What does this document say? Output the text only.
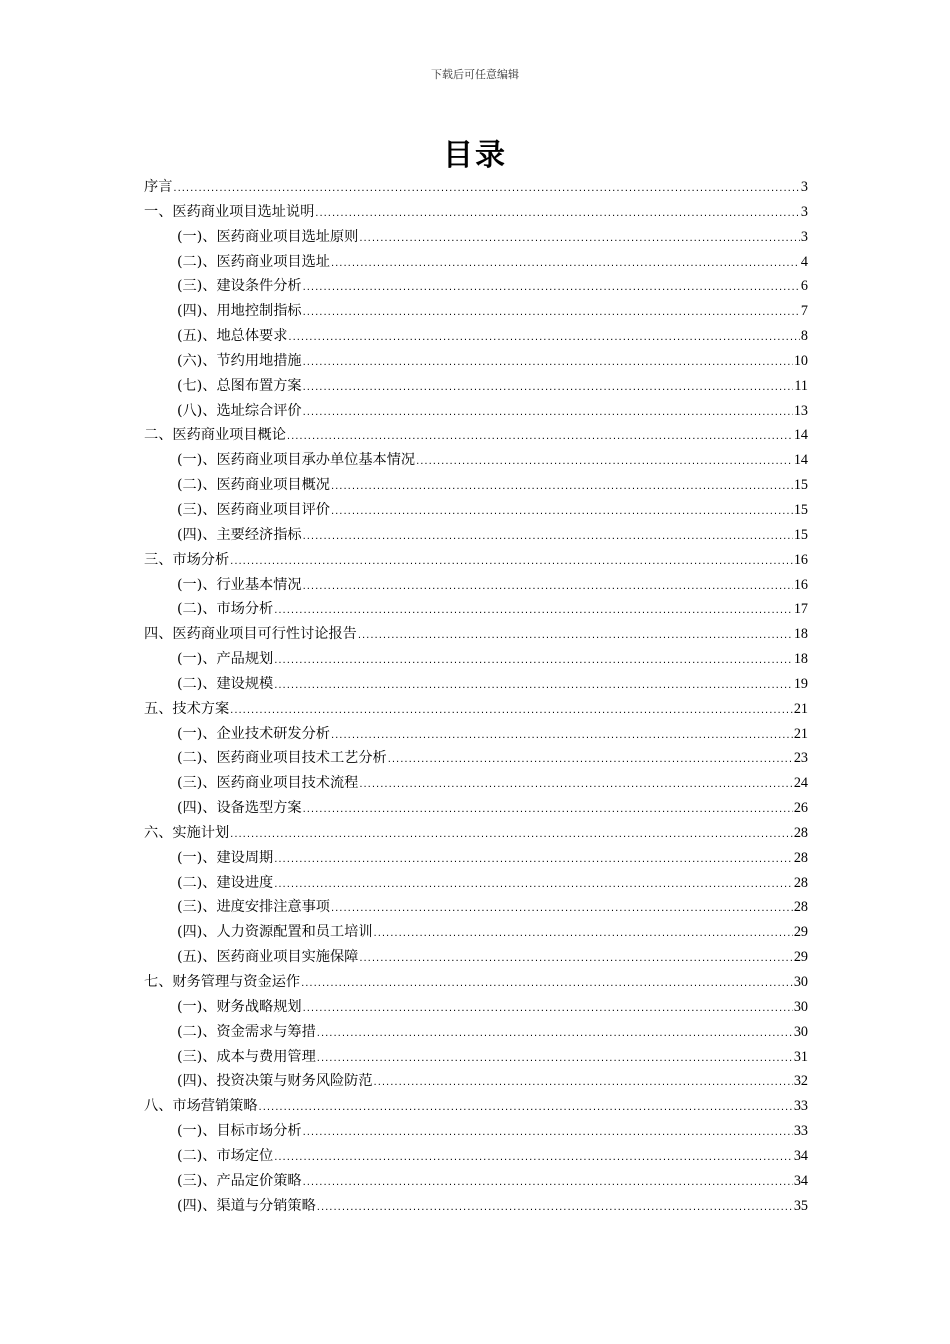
下载后可任意编辑
目录
序言 .....	3
一、医药商业项目选址说明 .....	3
(一)、医药商业项目选址原则 .....	3
(二)、医药商业项目选址 .....	4
(三)、建设条件分析 .....	6
(四)、用地控制指标 .....	7
(五)、地总体要求 .....	8
(六)、节约用地措施 .....	10
(七)、总图布置方案 .....	11
(八)、选址综合评价 .....	13
二、医药商业项目概论 .....	14
(一)、医药商业项目承办单位基本情况 .....	14
(二)、医药商业项目概况 .....	15
(三)、医药商业项目评价 .....	15
(四)、主要经济指标 .....	15
三、市场分析 .....	16
(一)、行业基本情况 .....	16
(二)、市场分析 .....	17
四、医药商业项目可行性讨论报告 .....	18
(一)、产品规划 .....	18
(二)、建设规模 .....	19
五、技术方案 .....	21
(一)、企业技术研发分析 .....	21
(二)、医药商业项目技术工艺分析 .....	23
(三)、医药商业项目技术流程 .....	24
(四)、设备选型方案 .....	26
六、实施计划 .....	28
(一)、建设周期 .....	28
(二)、建设进度 .....	28
(三)、进度安排注意事项 .....	28
(四)、人力资源配置和员工培训 .....	29
(五)、医药商业项目实施保障 .....	29
七、财务管理与资金运作 .....	30
(一)、财务战略规划 .....	30
(二)、资金需求与筹措 .....	30
(三)、成本与费用管理 .....	31
(四)、投资决策与财务风险防范 .....	32
八、市场营销策略 .....	33
(一)、目标市场分析 .....	33
(二)、市场定位 .....	34
(三)、产品定价策略 .....	34
(四)、渠道与分销策略 .....	35
